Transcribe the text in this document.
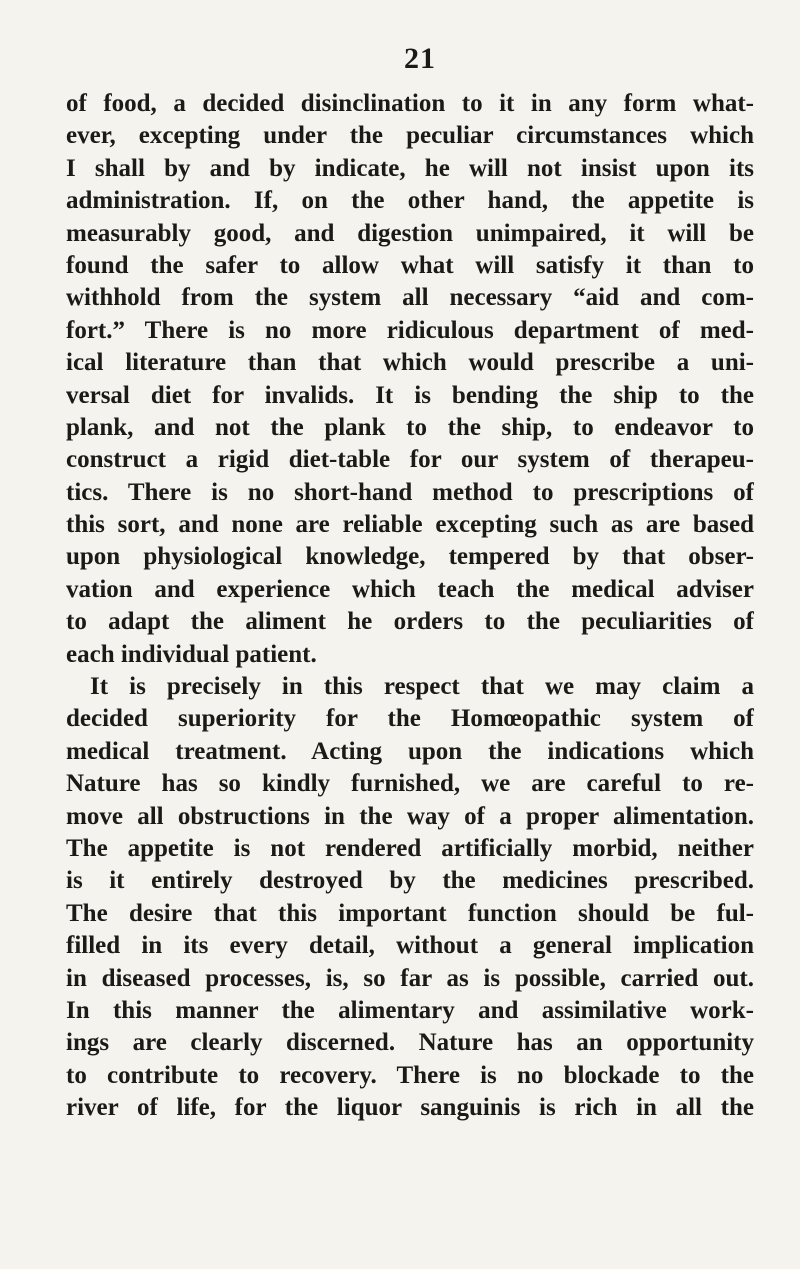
21
of food, a decided disinclination to it in any form what-
ever, excepting under the peculiar circumstances which
I shall by and by indicate, he will not insist upon its
administration. If, on the other hand, the appetite is
measurably good, and digestion unimpaired, it will be
found the safer to allow what will satisfy it than to
withhold from the system all necessary “aid and com-
fort.” There is no more ridiculous department of med-
ical literature than that which would prescribe a uni-
versal diet for invalids. It is bending the ship to the
plank, and not the plank to the ship, to endeavor to
construct a rigid diet-table for our system of therapeu-
tics. There is no short-hand method to prescriptions of
this sort, and none are reliable excepting such as are based
upon physiological knowledge, tempered by that obser-
vation and experience which teach the medical adviser
to adapt the aliment he orders to the peculiarities of
each individual patient.
It is precisely in this respect that we may claim a
decided superiority for the Homœopathic system of
medical treatment. Acting upon the indications which
Nature has so kindly furnished, we are careful to re-
move all obstructions in the way of a proper alimentation.
The appetite is not rendered artificially morbid, neither
is it entirely destroyed by the medicines prescribed.
The desire that this important function should be ful-
filled in its every detail, without a general implication
in diseased processes, is, so far as is possible, carried out.
In this manner the alimentary and assimilative work-
ings are clearly discerned. Nature has an opportunity
to contribute to recovery. There is no blockade to the
river of life, for the liquor sanguinis is rich in all the
